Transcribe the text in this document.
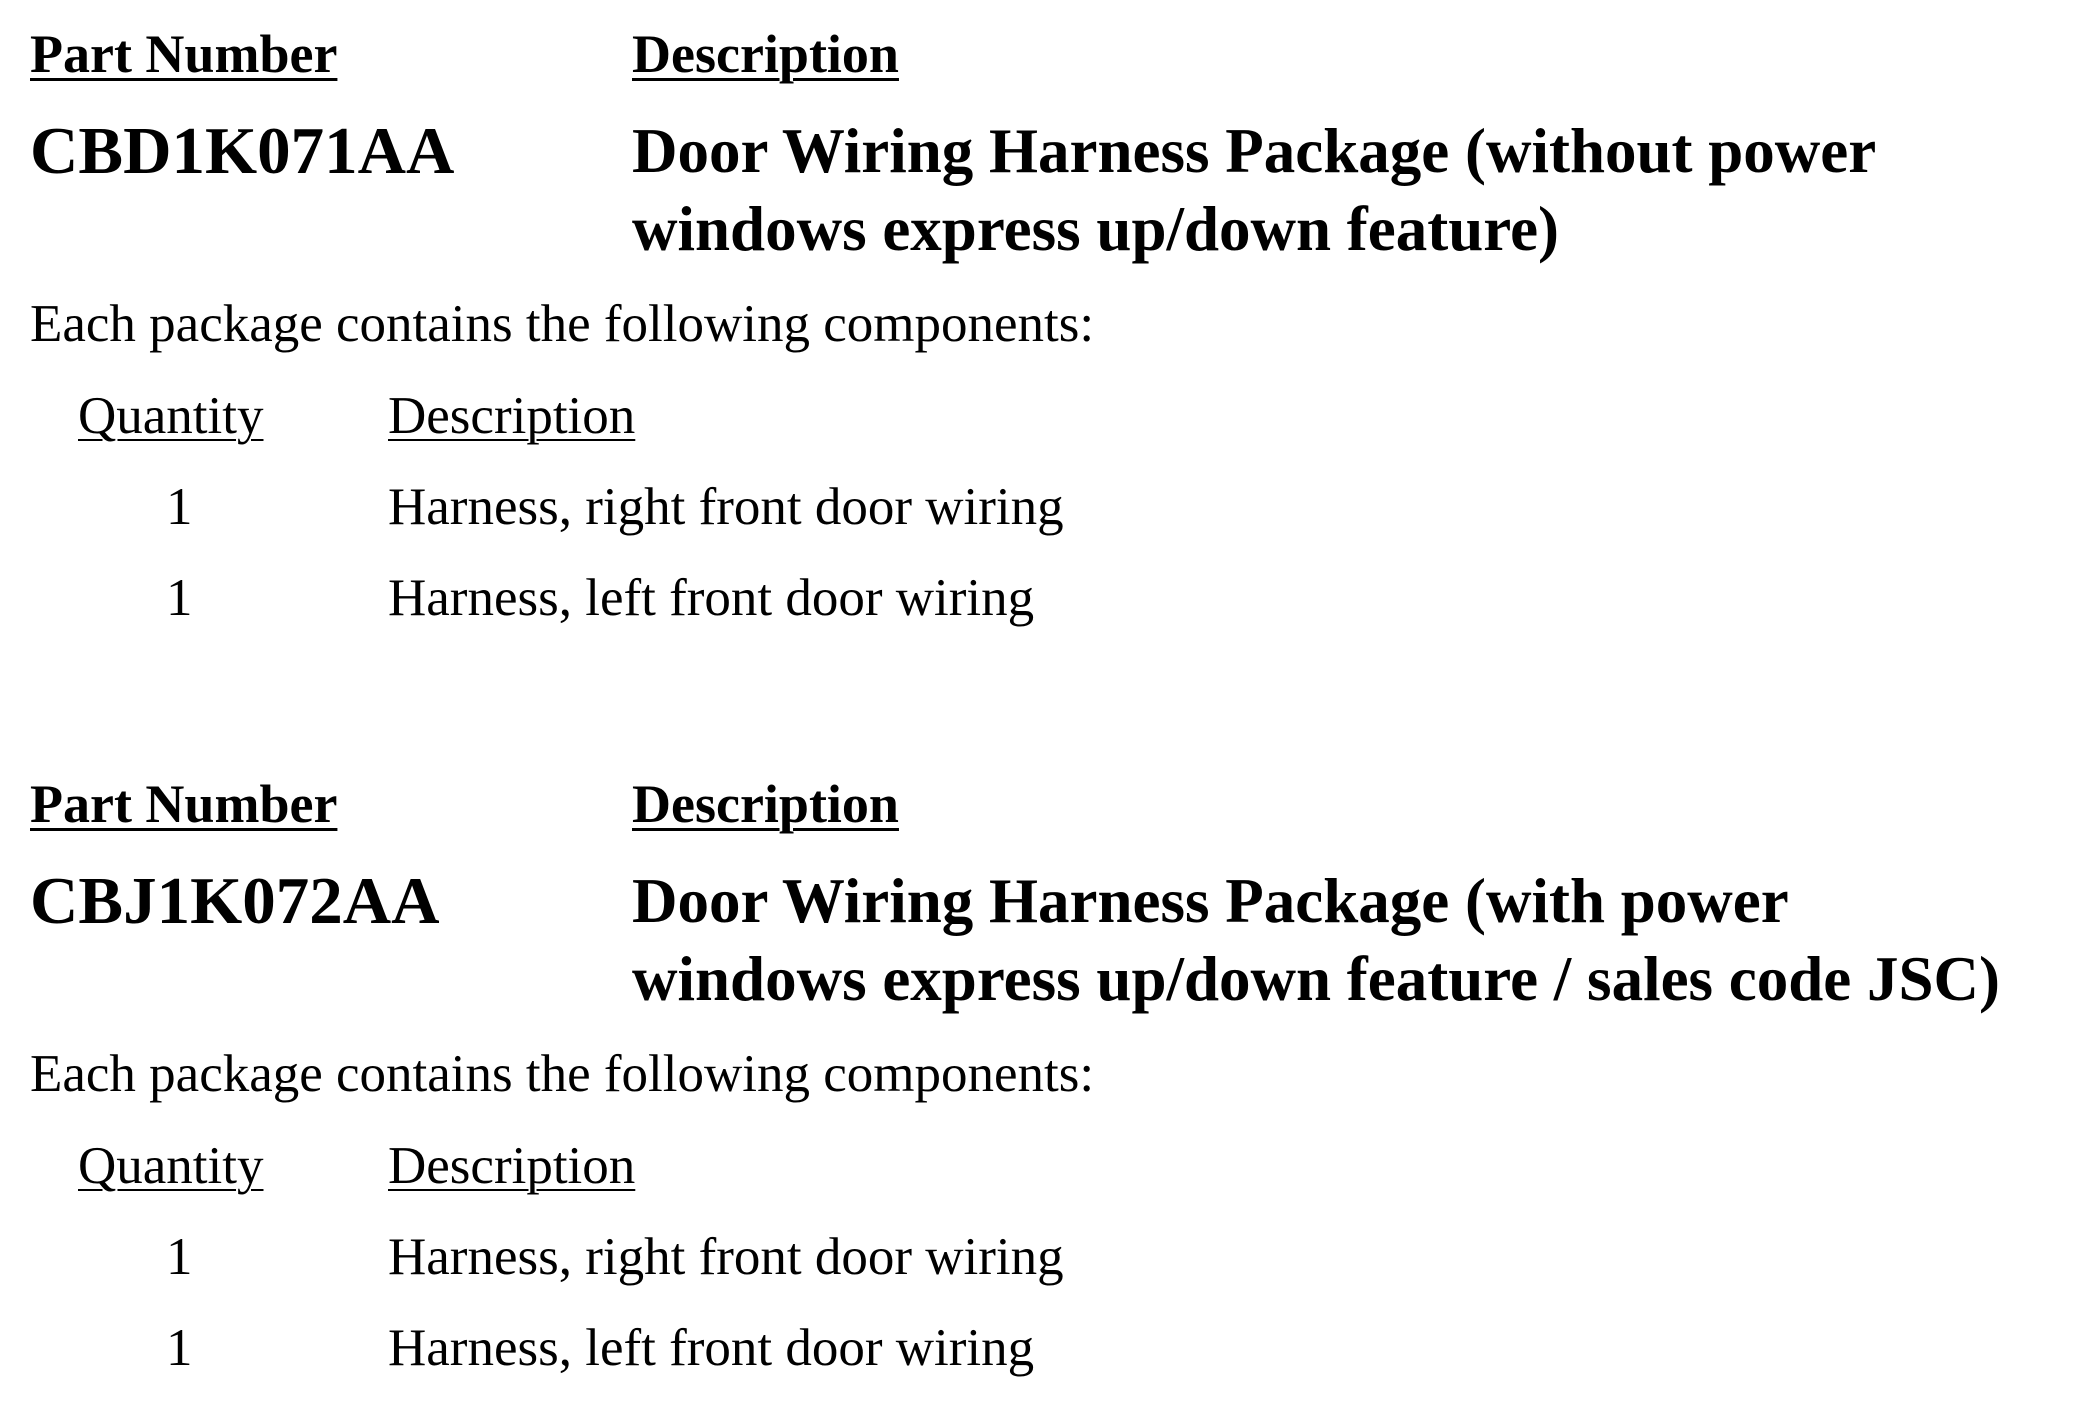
Part Number	Description
CBD1K071AA	Door Wiring Harness Package (without power
windows express up/down feature)
Each package contains the following components:
Quantity Description
1	Harness, right front door wiring
1	Harness, left front door wiring
Part Number	Description
CBJ1K072AA	Door Wiring Harness Package (with power
windows express up/down feature / sales code JSC)
Each package contains the following components:
Quantity Description
1	Harness, right front door wiring
1	Harness, left front door wiring
